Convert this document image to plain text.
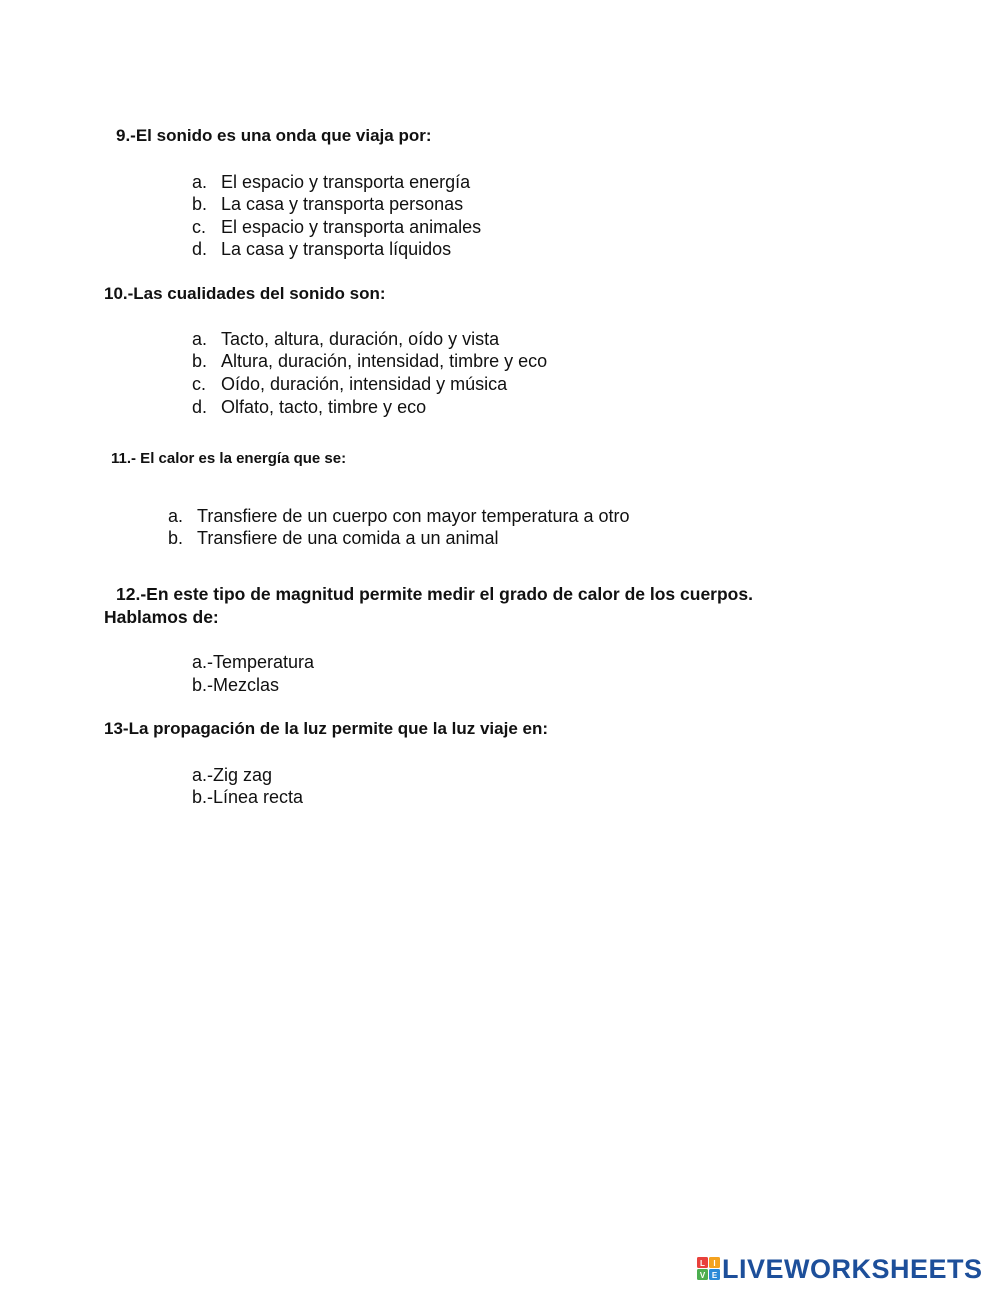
9.-El sonido es una onda que viaja por:
a. El espacio y transporta energía
b. La casa y transporta personas
c. El espacio y transporta animales
d. La casa y transporta líquidos
10.-Las cualidades del sonido son:
a. Tacto, altura, duración, oído y vista
b. Altura, duración, intensidad, timbre y eco
c. Oído, duración, intensidad y música
d. Olfato, tacto, timbre y eco
11.- El calor es la energía que se:
a. Transfiere de un cuerpo con mayor temperatura a otro
b. Transfiere de una comida a un animal
12.-En este tipo de magnitud permite medir el grado de calor de los cuerpos.
Hablamos de:
a.-Temperatura
b.-Mezclas
13-La propagación de la luz permite que la luz viaje en:
a.-Zig zag
b.-Línea recta
L I
V E LIVEWORKSHEETS
